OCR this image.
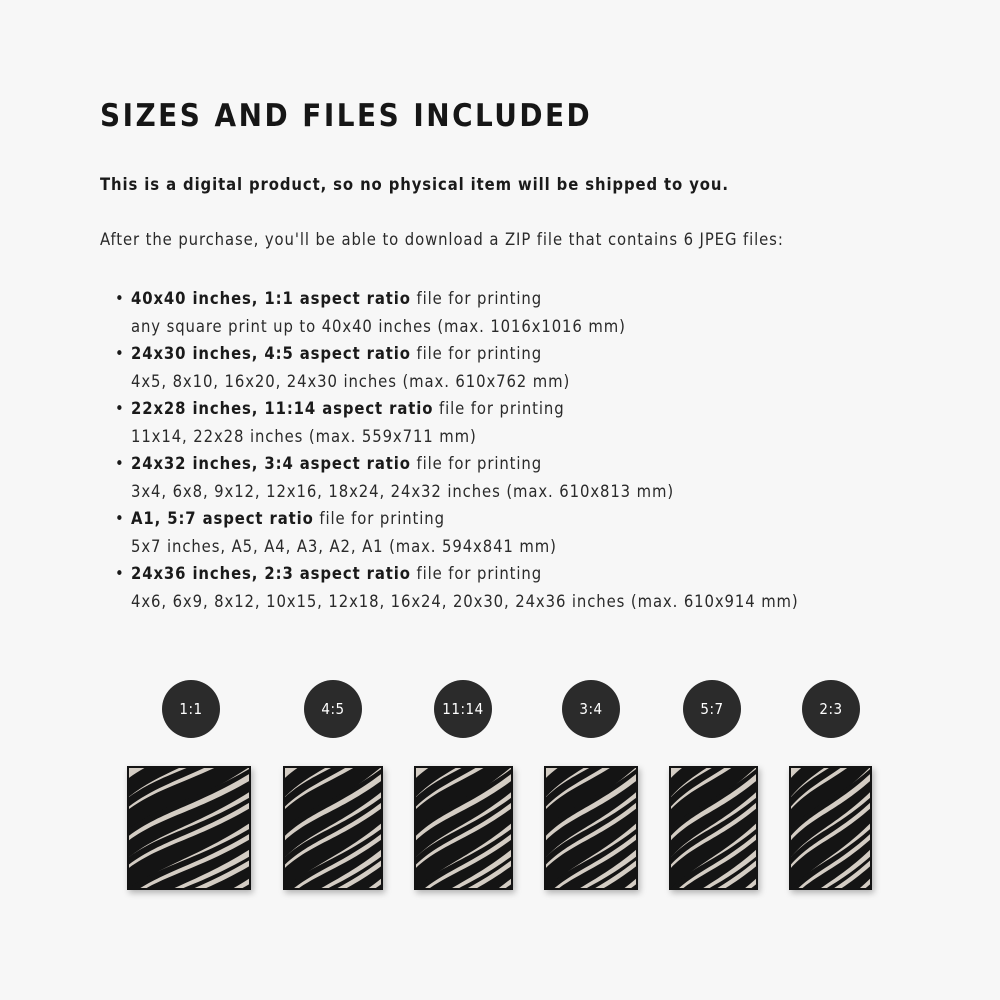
SIZES AND FILES INCLUDED
This is a digital product, so no physical item will be shipped to you.
After the purchase, you'll be able to download a ZIP file that contains 6 JPEG files:
• 40x40 inches, 1:1 aspect ratio file for printing
any square print up to 40x40 inches (max. 1016x1016 mm)
• 24x30 inches, 4:5 aspect ratio file for printing
4x5, 8x10, 16x20, 24x30 inches (max. 610x762 mm)
• 22x28 inches, 11:14 aspect ratio file for printing
11x14, 22x28 inches (max. 559x711 mm)
• 24x32 inches, 3:4 aspect ratio file for printing
3x4, 6x8, 9x12, 12x16, 18x24, 24x32 inches (max. 610x813 mm)
• A1, 5:7 aspect ratio file for printing
5x7 inches, A5, A4, A3, A2, A1 (max. 594x841 mm)
• 24x36 inches, 2:3 aspect ratio file for printing
4x6, 6x9, 8x12, 10x15, 12x18, 16x24, 20x30, 24x36 inches (max. 610x914 mm)
1:1	4:5	11:14	3:4	5:7	2:3
